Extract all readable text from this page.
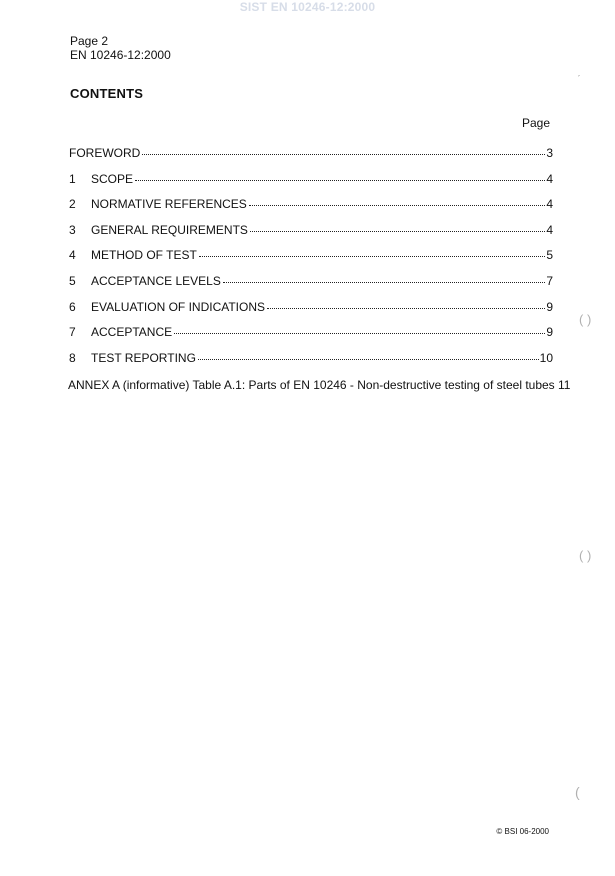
SIST EN 10246-12:2000
Page 2
EN 10246-12:2000
CONTENTS
Page
FOREWORD	3
1	SCOPE	4
2	NORMATIVE REFERENCES	4
3	GENERAL REQUIREMENTS	4
4	METHOD OF TEST	5
5	ACCEPTANCE LEVELS	7
6	EVALUATION OF INDICATIONS	9
7	ACCEPTANCE	9
8	TEST REPORTING	10
ANNEX A (informative) Table A.1: Parts of EN 10246 - Non-destructive testing of steel tubes 11
© BSI 06-2000
ˊ
( )
( )
(
